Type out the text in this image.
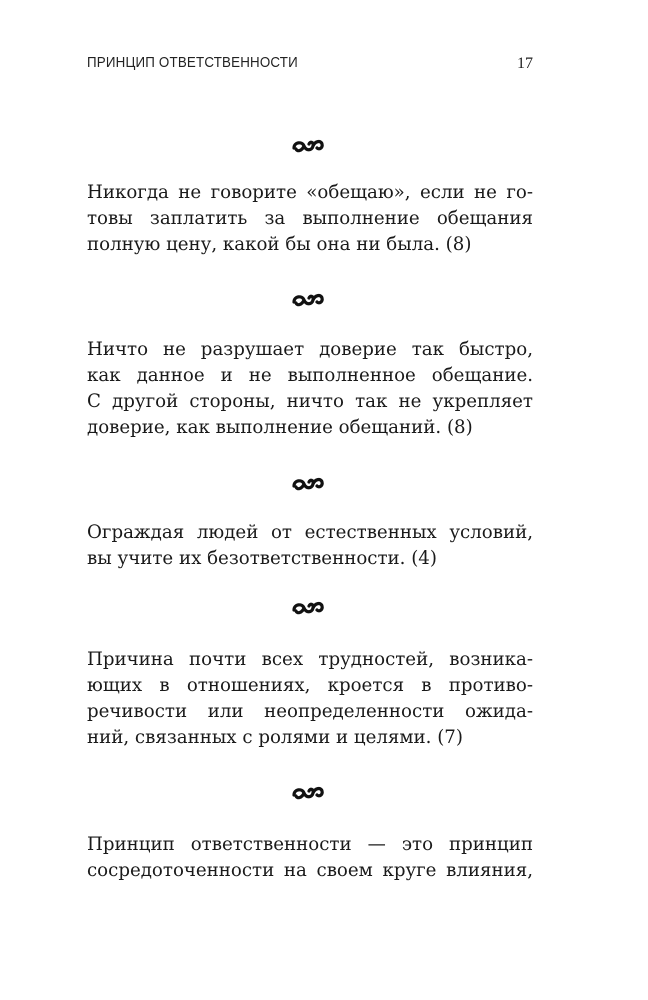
ПРИНЦИП ОТВЕТСТВЕННОСТИ	17

Никогда не говорите «обещаю», если не го-
товы заплатить за выполнение обещания
полную цену, какой бы она ни была. (8)

Ничто не разрушает доверие так быстро,
как данное и не выполненное обещание.
С другой стороны, ничто так не укрепляет
доверие, как выполнение обещаний. (8)

Ограждая людей от естественных условий,
вы учите их безответственности. (4)

Причина почти всех трудностей, возника-
ющих в отношениях, кроется в противо-
речивости или неопределенности ожида-
ний, связанных с ролями и целями. (7)

Принцип ответственности — это принцип
сосредоточенности на своем круге влияния,
